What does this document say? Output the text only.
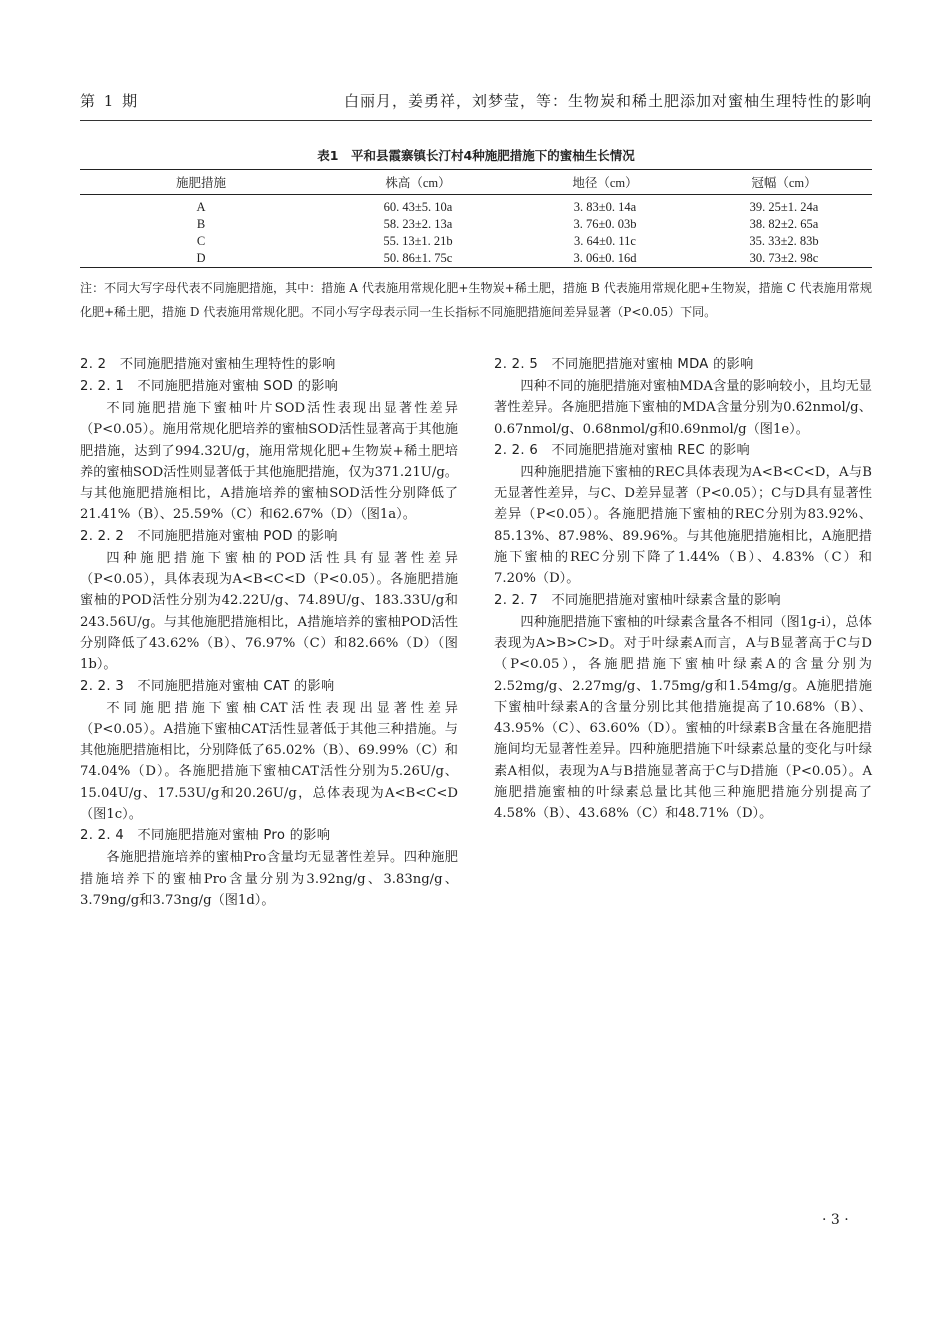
第 1 期	白丽月，姜勇祥，刘梦莹，等：生物炭和稀土肥添加对蜜柚生理特性的影响
表1　平和县霞寨镇长汀村4种施肥措施下的蜜柚生长情况
施肥措施	株高（cm）	地径（cm）	冠幅（cm）
A	60. 43±5. 10a	3. 83±0. 14a	39. 25±1. 24a
B	58. 23±2. 13a	3. 76±0. 03b	38. 82±2. 65a
C	55. 13±1. 21b	3. 64±0. 11c	35. 33±2. 83b
D	50. 86±1. 75c	3. 06±0. 16d	30. 73±2. 98c
注：不同大写字母代表不同施肥措施，其中：措施 A 代表施用常规化肥+生物炭+稀土肥，措施 B 代表施用常规化肥+生物炭，措施 C 代表施用常规化肥+稀土肥，措施 D 代表施用常规化肥。不同小写字母表示同一生长指标不同施肥措施间差异显著（P<0.05）下同。
2. 2　不同施肥措施对蜜柚生理特性的影响
2. 2. 1　不同施肥措施对蜜柚 SOD 的影响

不同施肥措施下蜜柚叶片SOD活性表现出显著性差异（P<0.05）。施用常规化肥培养的蜜柚SOD活性显著高于其他施肥措施，达到了994.32U/g，施用常规化肥+生物炭+稀土肥培养的蜜柚SOD活性则显著低于其他施肥措施，仅为371.21U/g。与其他施肥措施相比，A措施培养的蜜柚SOD活性分别降低了21.41%（B）、25.59%（C）和62.67%（D）（图1a）。

2. 2. 2　不同施肥措施对蜜柚 POD 的影响

四种施肥措施下蜜柚的POD活性具有显著性差异（P<0.05），具体表现为A<B<C<D（P<0.05）。各施肥措施蜜柚的POD活性分别为42.22U/g、74.89U/g、183.33U/g和243.56U/g。与其他施肥措施相比，A措施培养的蜜柚POD活性分别降低了43.62%（B）、76.97%（C）和82.66%（D）（图1b）。

2. 2. 3　不同施肥措施对蜜柚 CAT 的影响

不同施肥措施下蜜柚CAT活性表现出显著性差异（P<0.05）。A措施下蜜柚CAT活性显著低于其他三种措施。与其他施肥措施相比，分别降低了65.02%（B）、69.99%（C）和74.04%（D）。各施肥措施下蜜柚CAT活性分别为5.26U/g、15.04U/g、17.53U/g和20.26U/g，总体表现为A<B<C<D（图1c）。

2. 2. 4　不同施肥措施对蜜柚 Pro 的影响

各施肥措施培养的蜜柚Pro含量均无显著性差异。四种施肥措施培养下的蜜柚Pro含量分别为3.92ng/g、3.83ng/g、3.79ng/g和3.73ng/g（图1d）。

2. 2. 5　不同施肥措施对蜜柚 MDA 的影响

四种不同的施肥措施对蜜柚MDA含量的影响较小，且均无显著性差异。各施肥措施下蜜柚的MDA含量分别为0.62nmol/g、0.67nmol/g、0.68nmol/g和0.69nmol/g（图1e）。

2. 2. 6　不同施肥措施对蜜柚 REC 的影响

四种施肥措施下蜜柚的REC具体表现为A<B<C<D，A与B无显著性差异，与C、D差异显著（P<0.05）；C与D具有显著性差异（P<0.05）。各施肥措施下蜜柚的REC分别为83.92%、85.13%、87.98%、89.96%。与其他施肥措施相比，A施肥措施下蜜柚的REC分别下降了1.44%（B）、4.83%（C）和7.20%（D）。

2. 2. 7　不同施肥措施对蜜柚叶绿素含量的影响

四种施肥措施下蜜柚的叶绿素含量各不相同（图1g-i），总体表现为A>B>C>D。对于叶绿素A而言，A与B显著高于C与D（P<0.05），各施肥措施下蜜柚叶绿素A的含量分别为2.52mg/g、2.27mg/g、1.75mg/g和1.54mg/g。A施肥措施下蜜柚叶绿素A的含量分别比其他措施提高了10.68%（B）、43.95%（C）、63.60%（D）。蜜柚的叶绿素B含量在各施肥措施间均无显著性差异。四种施肥措施下叶绿素总量的变化与叶绿素A相似，表现为A与B措施显著高于C与D措施（P<0.05）。A施肥措施蜜柚的叶绿素总量比其他三种施肥措施分别提高了4.58%（B）、43.68%（C）和48.71%（D）。

· 3 ·
